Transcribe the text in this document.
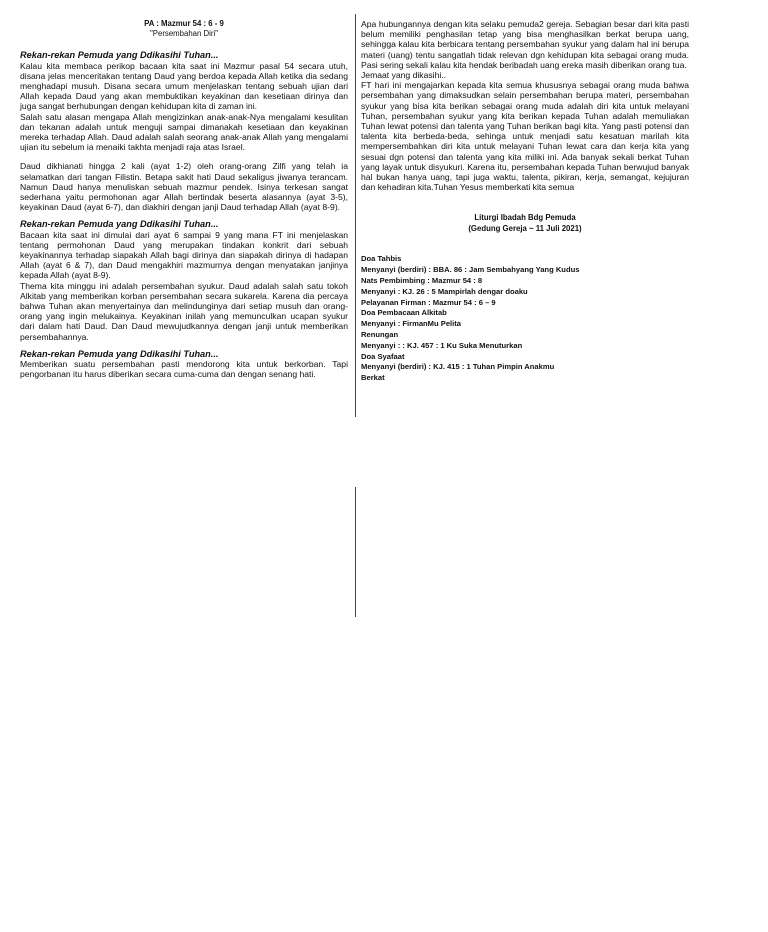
PA : Mazmur 54 : 6 - 9
"Persembahan Diri"
Rekan-rekan Pemuda yang Ddikasihi Tuhan...

Kalau kita membaca perikop bacaan kita saat ini Mazmur pasal 54 secara utuh, disana jelas menceritakan tentang Daud yang berdoa kepada Allah ketika dia sedang menghadapi musuh. Disana secara umum menjelaskan tentang sebuah ujian dari Allah kepada Daud yang akan membuktikan keyakinan dan kesetiaan dirinya dan juga sangat berhubungan dengan kehidupan kita di zaman ini.

Salah satu alasan mengapa Allah mengizinkan anak-anak-Nya mengalami kesulitan dan tekanan adalah untuk menguji sampai dimanakah kesetiaan dan keyakinan mereka terhadap Allah. Daud adalah salah seorang anak-anak Allah yang mengalami ujian itu sebelum ia menaiki takhta menjadi raja atas Israel.

Daud dikhianati hingga 2 kali (ayat 1-2) oleh orang-orang Zilfi yang telah ia selamatkan dari tangan Filistin. Betapa sakit hati Daud sekaligus jiwanya terancam. Namun Daud hanya menuliskan sebuah mazmur pendek. Isinya terkesan sangat sederhana yaitu permohonan agar Allah bertindak beserta alasannya (ayat 3-5), keyakinan Daud (ayat 6-7), dan diakhiri dengan janji Daud terhadap Allah (ayat 8-9).

Rekan-rekan Pemuda yang Ddikasihi Tuhan...

Bacaan kita saat ini dimulai dari ayat 6 sampai 9 yang mana FT ini menjelaskan tentang permohonan Daud yang merupakan tindakan konkrit dari sebuah keyakinannya terhadap siapakah Allah bagi dirinya dan siapakah dirinya di hadapan Allah (ayat 6 & 7), dan Daud mengakhiri mazmurnya dengan menyatakan janjinya kepada Allah (ayat 8-9).

Thema kita minggu ini adalah persembahan syukur. Daud adalah salah satu tokoh Alkitab yang memberikan korban persembahan secara sukarela. Karena dia percaya bahwa Tuhan akan menyertainya dan melindunginya dari setiap musuh dan orang-orang yang ingin melukainya. Keyakinan inilah yang memunculkan ucapan syukur dari dalam hati Daud. Dan Daud mewujudkannya dengan janji untuk memberikan persembahannya.

Rekan-rekan Pemuda yang Ddikasihi Tuhan...

Memberikan suatu persembahan pasti mendorong kita untuk berkorban. Tapi pengorbanan itu harus diberikan secara cuma-cuma dan dengan senang hati.

Apa hubungannya dengan kita selaku pemuda2 gereja. Sebagian besar dari kita pasti belum memiliki penghasilan tetap yang bisa menghasilkan berkat berupa uang, sehingga kalau kita berbicara tentang persembahan syukur yang dalam hal ini berupa materi (uang) tentu sangatlah tidak relevan dgn kehidupan kita sebagai orang muda. Pasi sering sekali kalau kita hendak beribadah uang ereka masih diberikan orang tua.

Jemaat yang dikasihi..

FT hari ini mengajarkan kepada kita semua khususnya sebagai orang muda bahwa persembahan yang dimaksudkan selain persembahan berupa materi, persembahan syukur yang bisa kita berikan sebagai orang muda adalah diri kita untuk melayani Tuhan, persembahan syukur yang kita berikan kepada Tuhan adalah memuliakan Tuhan lewat potensi dan talenta yang Tuhan berikan bagi kita. Yang pasti potensi dan talenta kita berbeda-beda, sehinga untuk menjadi satu kesatuan marilah kita mempersembahkan diri kita untuk melayani Tuhan lewat cara dan kerja kita yang sesuai dgn potensi dan talenta yang kita miliki ini. Ada banyak sekali berkat Tuhan yang layak untuk disyukuri. Karena itu, persembahan kepada Tuhan berwujud banyak hal bukan hanya uang, tapi juga waktu, talenta, pikiran, kerja, semangat, kejujuran dan kehadiran kita.Tuhan Yesus memberkati kita semua

Liturgi Ibadah Bdg Pemuda
(Gedung Gereja ~ 11 Juli 2021)
Doa Tahbis
Menyanyi (berdiri) : BBA. 86 : Jam Sembahyang Yang Kudus
Nats Pembimbing : Mazmur 54 : 8
Menyanyi : KJ. 26 : 5 Mampirlah dengar doaku
Pelayanan Firman : Mazmur 54 : 6 – 9
Doa Pembacaan Alkitab
Menyanyi : FirmanMu Pelita
Renungan
Menyanyi : : KJ. 457 : 1 Ku Suka Menuturkan
Doa Syafaat
Menyanyi (berdiri) : KJ. 415 : 1 Tuhan Pimpin Anakmu
Berkat
